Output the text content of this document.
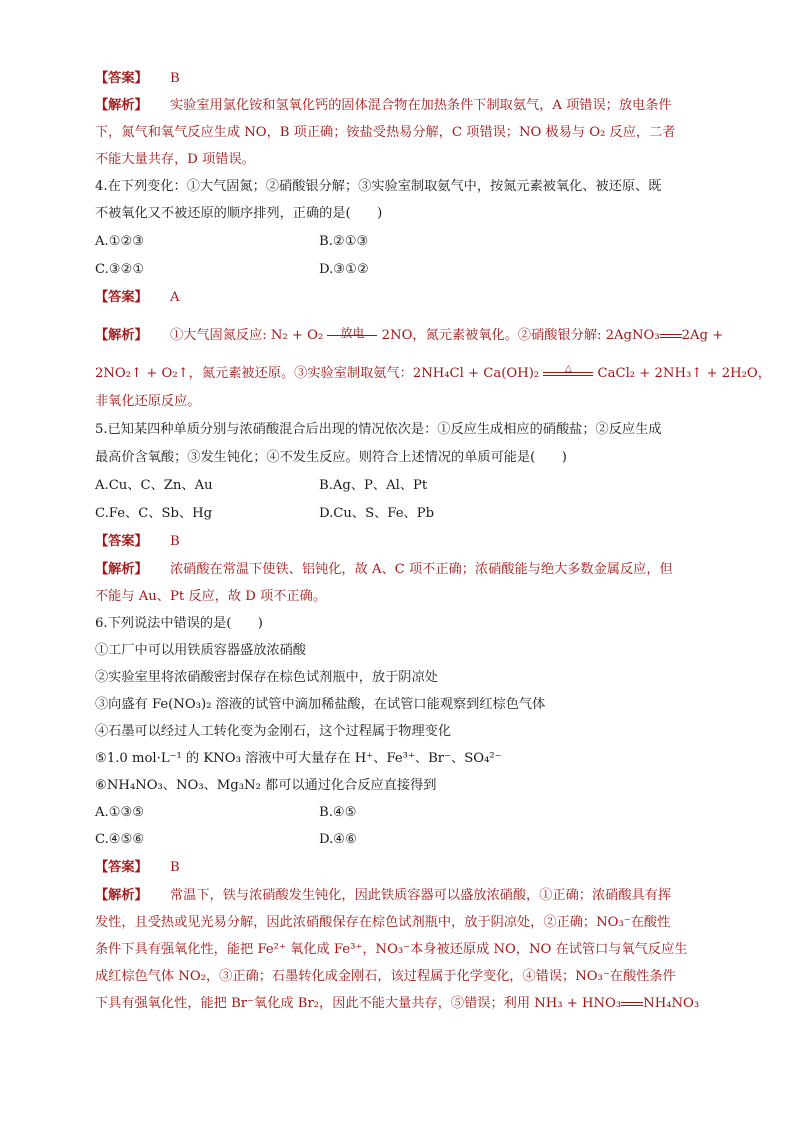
【答案】 B
【解析】 实验室用氯化铵和氢氧化钙的固体混合物在加热条件下制取氨气，A 项错误；放电条件
下，氮气和氧气反应生成 NO，B 项正确；铵盐受热易分解，C 项错误；NO 极易与 O₂ 反应，二者
不能大量共存，D 项错误。
4.在下列变化：①大气固氮；②硝酸银分解；③实验室制取氨气中，按氮元素被氧化、被还原、既
不被氧化又不被还原的顺序排列，正确的是(　　)
A.①②③	B.②①③
C.③②①	D.③①②
【答案】 A
【解析】 ①大气固氮反应: N₂ + O₂	放电 2NO，氮元素被氧化。②硝酸银分解: 2AgNO₃ 2Ag +
2NO₂↑ + O₂↑，氮元素被还原。③实验室制取氨气：2NH₄Cl + Ca(OH)₂	△	CaCl₂ + 2NH₃↑ + 2H₂O，
非氧化还原反应。
5.已知某四种单质分别与浓硝酸混合后出现的情况依次是：①反应生成相应的硝酸盐；②反应生成
最高价含氧酸；③发生钝化；④不发生反应。则符合上述情况的单质可能是(　　)
A.Cu、C、Zn、Au	B.Ag、P、Al、Pt
C.Fe、C、Sb、Hg	D.Cu、S、Fe、Pb
【答案】 B
【解析】 浓硝酸在常温下使铁、铝钝化，故 A、C 项不正确；浓硝酸能与绝大多数金属反应，但
不能与 Au、Pt 反应，故 D 项不正确。
6.下列说法中错误的是(　　)
①工厂中可以用铁质容器盛放浓硝酸
②实验室里将浓硝酸密封保存在棕色试剂瓶中，放于阴凉处
③向盛有 Fe(NO₃)₂ 溶液的试管中滴加稀盐酸，在试管口能观察到红棕色气体
④石墨可以经过人工转化变为金刚石，这个过程属于物理变化
⑤1.0 mol·L⁻¹ 的 KNO₃ 溶液中可大量存在 H⁺、Fe³⁺、Br⁻、SO₄²⁻
⑥NH₄NO₃、NO₃、Mg₃N₂ 都可以通过化合反应直接得到
A.①③⑤	B.④⑤
C.④⑤⑥	D.④⑥
【答案】 B
【解析】 常温下，铁与浓硝酸发生钝化，因此铁质容器可以盛放浓硝酸，①正确；浓硝酸具有挥
发性，且受热或见光易分解，因此浓硝酸保存在棕色试剂瓶中，放于阴凉处，②正确；NO₃⁻在酸性
条件下具有强氧化性，能把 Fe²⁺ 氧化成 Fe³⁺，NO₃⁻本身被还原成 NO，NO 在试管口与氧气反应生
成红棕色气体 NO₂，③正确；石墨转化成金刚石，该过程属于化学变化，④错误；NO₃⁻在酸性条件
下具有强氧化性，能把 Br⁻氧化成 Br₂，因此不能大量共存，⑤错误；利用 NH₃ + HNO₃ NH₄NO₃
